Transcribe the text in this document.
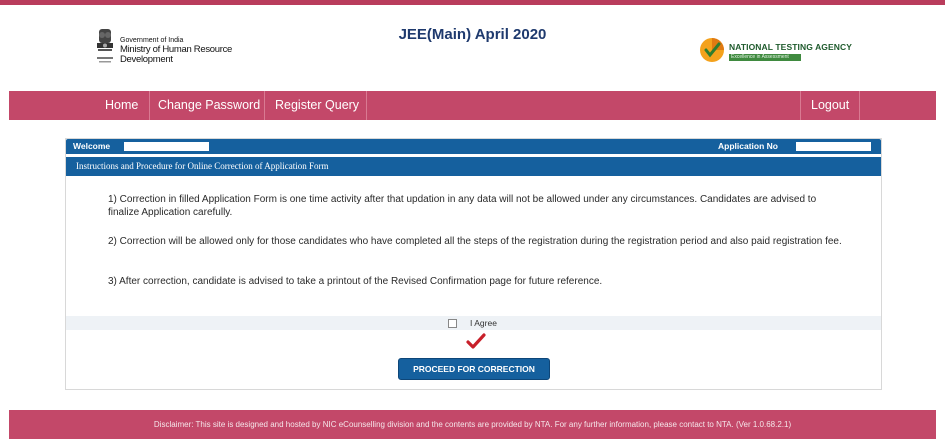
Government of India
Ministry of Human Resource Development
JEE(Main) April 2020
NATIONAL TESTING AGENCY
Excellence in Assessment
Home Change Password Register Query	Logout
Welcome	Application No
Instructions and Procedure for Online Correction of Application Form
1) Correction in filled Application Form is one time activity after that updation in any data will not be allowed under any circumstances. Candidates are advised to finalize Application carefully.
2) Correction will be allowed only for those candidates who have completed all the steps of the registration during the registration period and also paid registration fee.
3) After correction, candidate is advised to take a printout of the Revised Confirmation page for future reference.
I Agree
PROCEED FOR CORRECTION
Disclaimer: This site is designed and hosted by NIC eCounselling division and the contents are provided by NTA. For any further information, please contact to NTA. (Ver 1.0.68.2.1)
